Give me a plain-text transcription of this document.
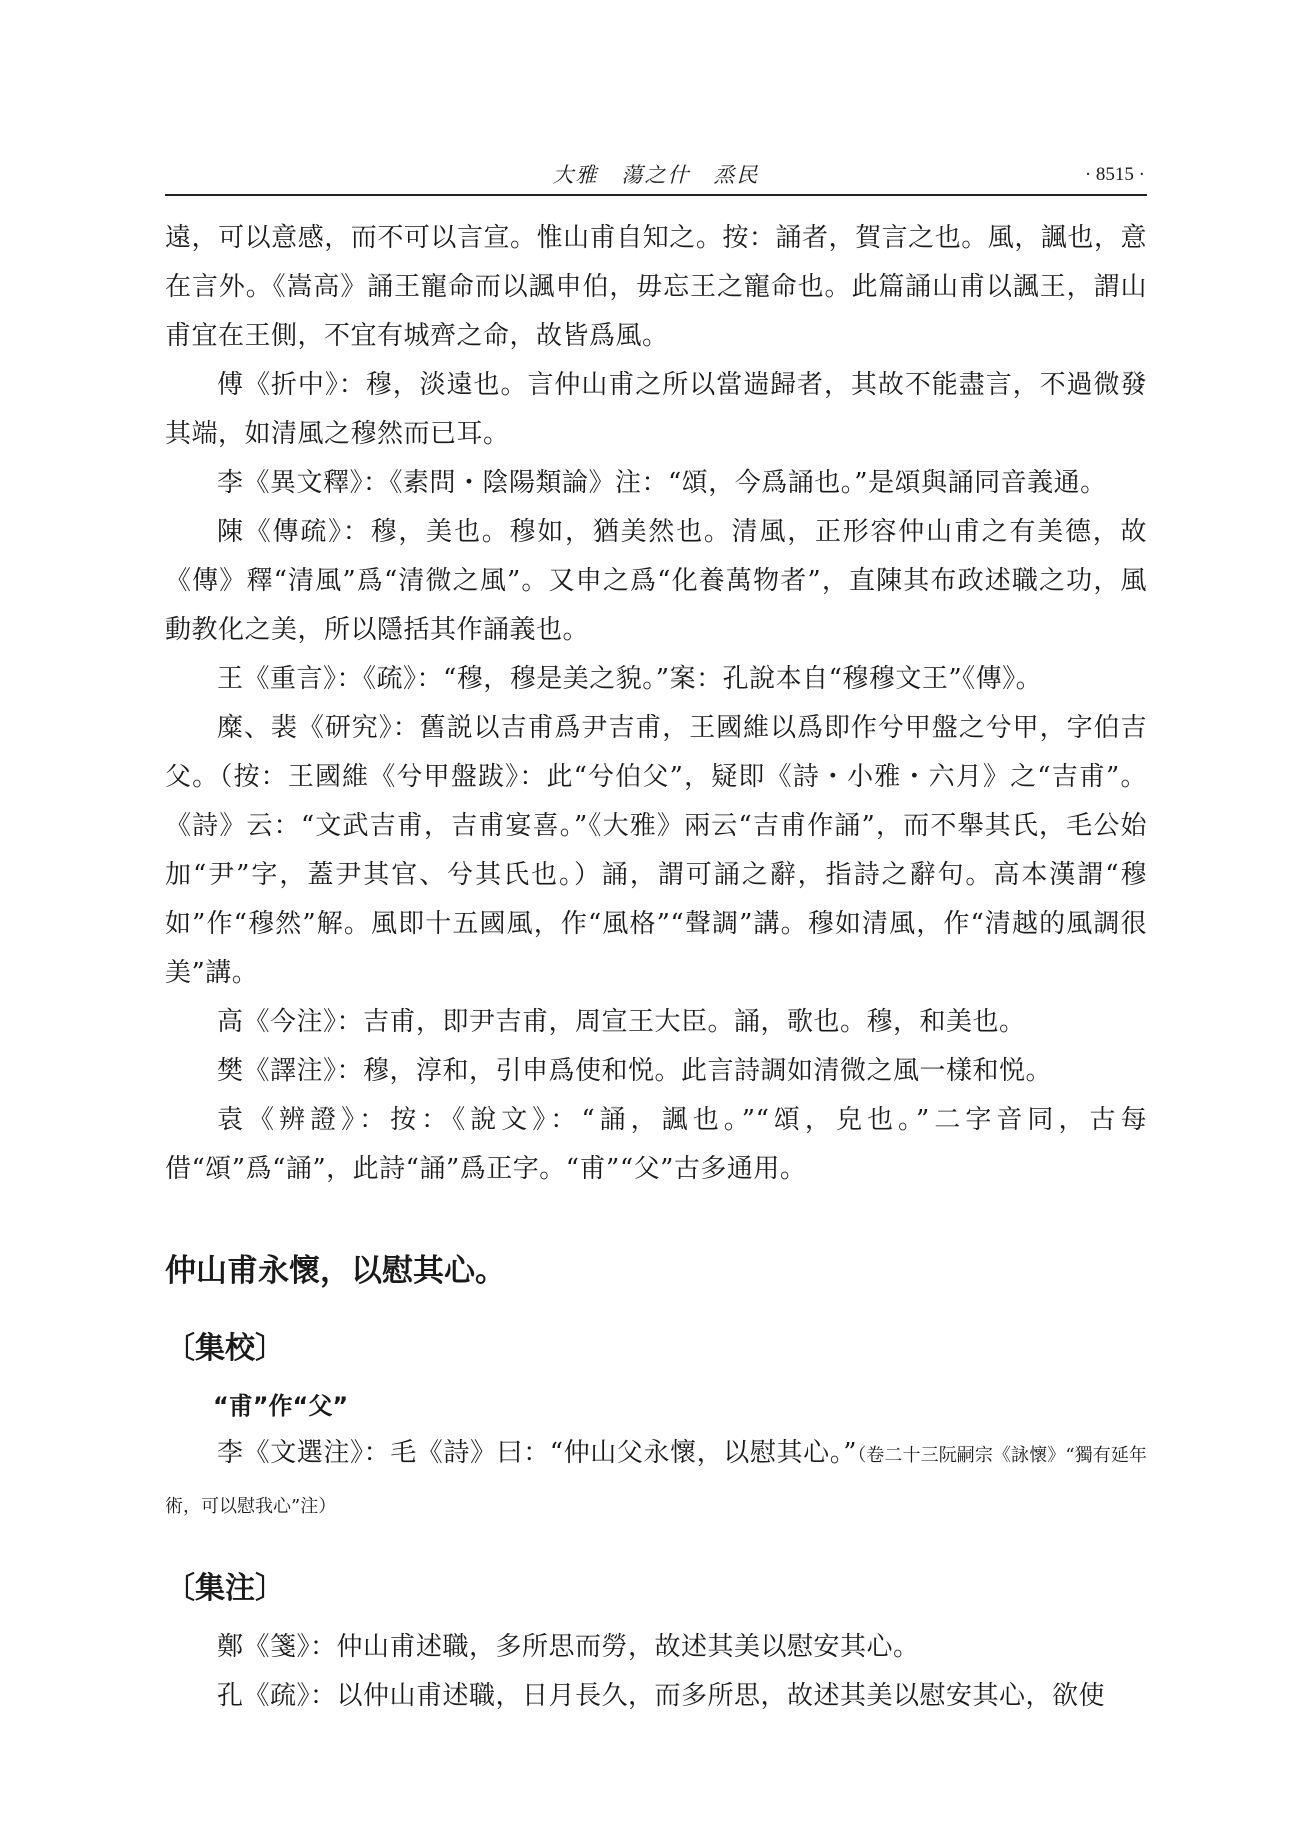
大雅　蕩之什　烝民	· 8515 ·

遠，可以意感，而不可以言宣。惟山甫自知之。按：誦者，賀言之也。風，諷也，意在言外。《嵩高》誦王寵命而以諷申伯，毋忘王之寵命也。此篇誦山甫以諷王，謂山甫宜在王側，不宜有城齊之命，故皆爲風。

傅《折中》：穆，淡遠也。言仲山甫之所以當遄歸者，其故不能盡言，不過微發其端，如清風之穆然而已耳。

李《異文釋》：《素問・陰陽類論》注：“頌，今爲誦也。”是頌與誦同音義通。

陳《傳疏》：穆，美也。穆如，猶美然也。清風，正形容仲山甫之有美德，故《傳》釋“清風”爲“清微之風”。又申之爲“化養萬物者”，直陳其布政述職之功，風動教化之美，所以隱括其作誦義也。

王《重言》：《疏》：“穆，穆是美之貌。”案：孔說本自“穆穆文王”《傳》。

糜、裴《研究》：舊説以吉甫爲尹吉甫，王國維以爲即作兮甲盤之兮甲，字伯吉父。（按：王國維《兮甲盤跋》：此“兮伯父”，疑即《詩・小雅・六月》之“吉甫”。《詩》云：“文武吉甫，吉甫宴喜。”《大雅》兩云“吉甫作誦”，而不舉其氏，毛公始加“尹”字，蓋尹其官、兮其氏也。）誦，謂可誦之辭，指詩之辭句。高本漢謂“穆如”作“穆然”解。風即十五國風，作“風格”“聲調”講。穆如清風，作“清越的風調很美”講。

高《今注》：吉甫，即尹吉甫，周宣王大臣。誦，歌也。穆，和美也。

樊《譯注》：穆，淳和，引申爲使和悦。此言詩調如清微之風一樣和悦。

袁《辨證》：按：《說文》：“誦，諷也。”“頌，皃也。”二字音同，古每借“頌”爲“誦”，此詩“誦”爲正字。“甫”“父”古多通用。

仲山甫永懷，以慰其心。
〔集校〕

“甫”作“父”

李《文選注》：毛《詩》曰：“仲山父永懷，以慰其心。”（卷二十三阮嗣宗《詠懷》“獨有延年術，可以慰我心”注）

〔集注〕

鄭《箋》：仲山甫述職，多所思而勞，故述其美以慰安其心。

孔《疏》：以仲山甫述職，日月長久，而多所思，故述其美以慰安其心，欲使
